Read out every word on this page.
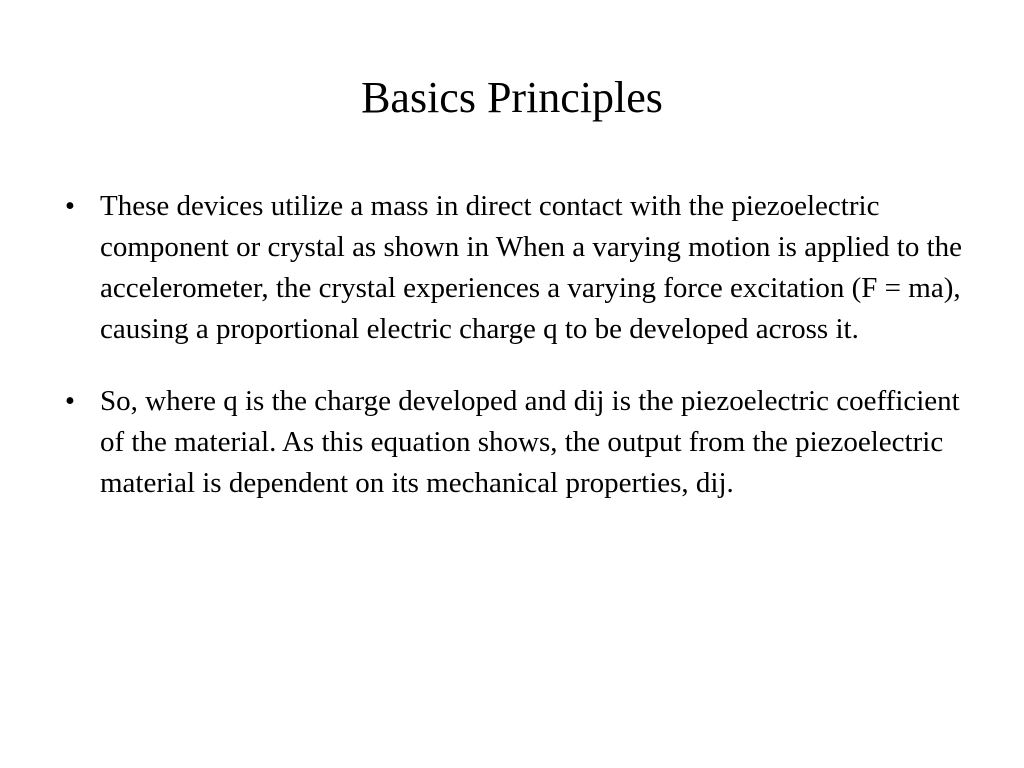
Basics Principles
• These devices utilize a mass in direct contact with the piezoelectric component or crystal as shown in When a varying motion is applied to the accelerometer, the crystal experiences a varying force excitation (F = ma), causing a proportional electric charge q to be developed across it.
• So, where q is the charge developed and dij is the piezoelectric coefficient of the material. As this equation shows, the output from the piezoelectric material is dependent on its mechanical properties, dij.
